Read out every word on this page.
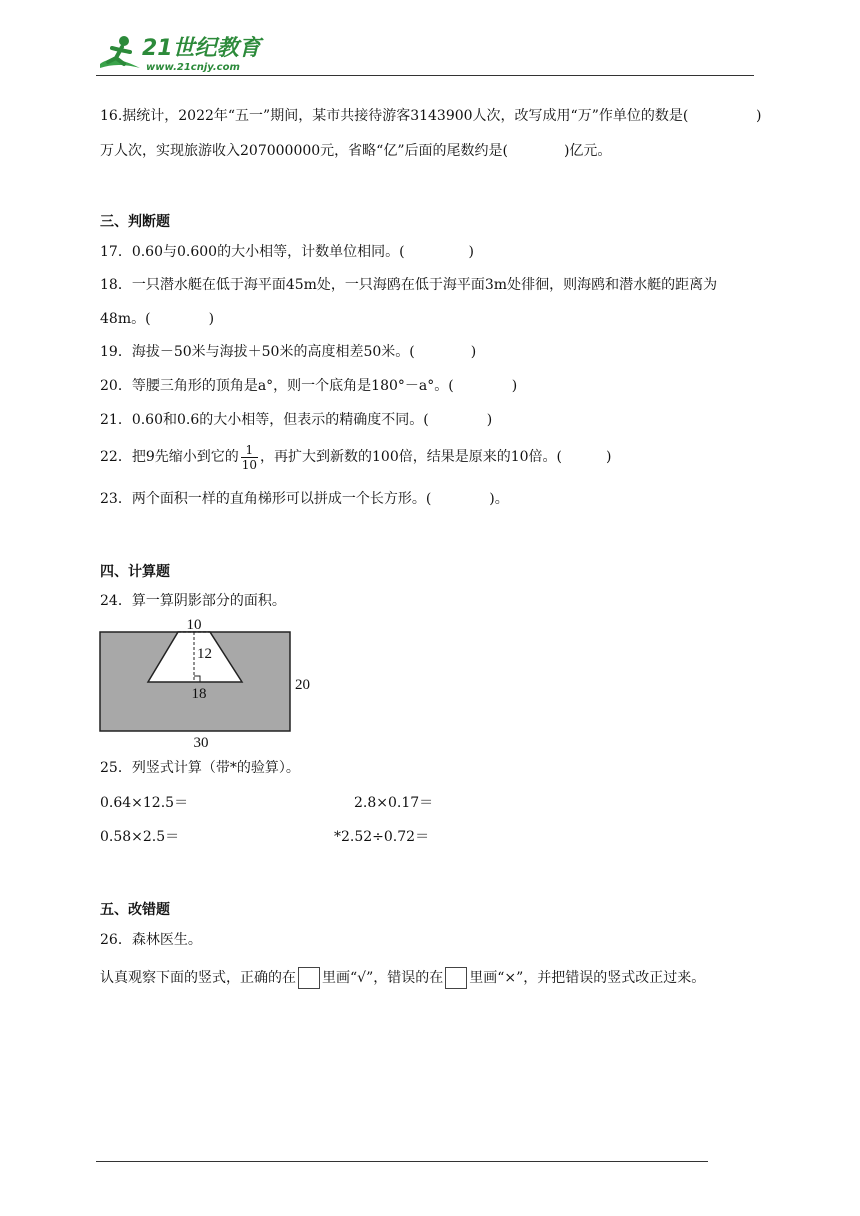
21世纪教育
www.21cnjy.com
16.据统计，2022年“五一”期间，某市共接待游客3143900人次，改写成用“万”作单位的数是(	)
万人次，实现旅游收入207000000元，省略“亿”后面的尾数约是(	)亿元。
三、判断题
17．0.60与0.600的大小相等，计数单位相同。(	)
18．一只潜水艇在低于海平面45m处，一只海鸥在低于海平面3m处徘徊，则海鸥和潜水艇的距离为
48m。(	)
19．海拔－50米与海拔＋50米的高度相差50米。(	)
20．等腰三角形的顶角是a°，则一个底角是180°－a°。(	)
21．0.60和0.6的大小相等，但表示的精确度不同。(	)
22．把9先缩小到它的 $\frac{1}{10}$ ，再扩大到新数的100倍，结果是原来的10倍。(	)
23．两个面积一样的直角梯形可以拼成一个长方形。(	)。
四、计算题
24．算一算阴影部分的面积。
10
12
18
20
30
25．列竖式计算（带*的验算）。
0.64×12.5＝	2.8×0.17＝
0.58×2.5＝	*2.52÷0.72＝
五、改错题
26．森林医生。
认真观察下面的竖式，正确的在 里画“√”，错误的在 里画“×”，并把错误的竖式改正过来。
